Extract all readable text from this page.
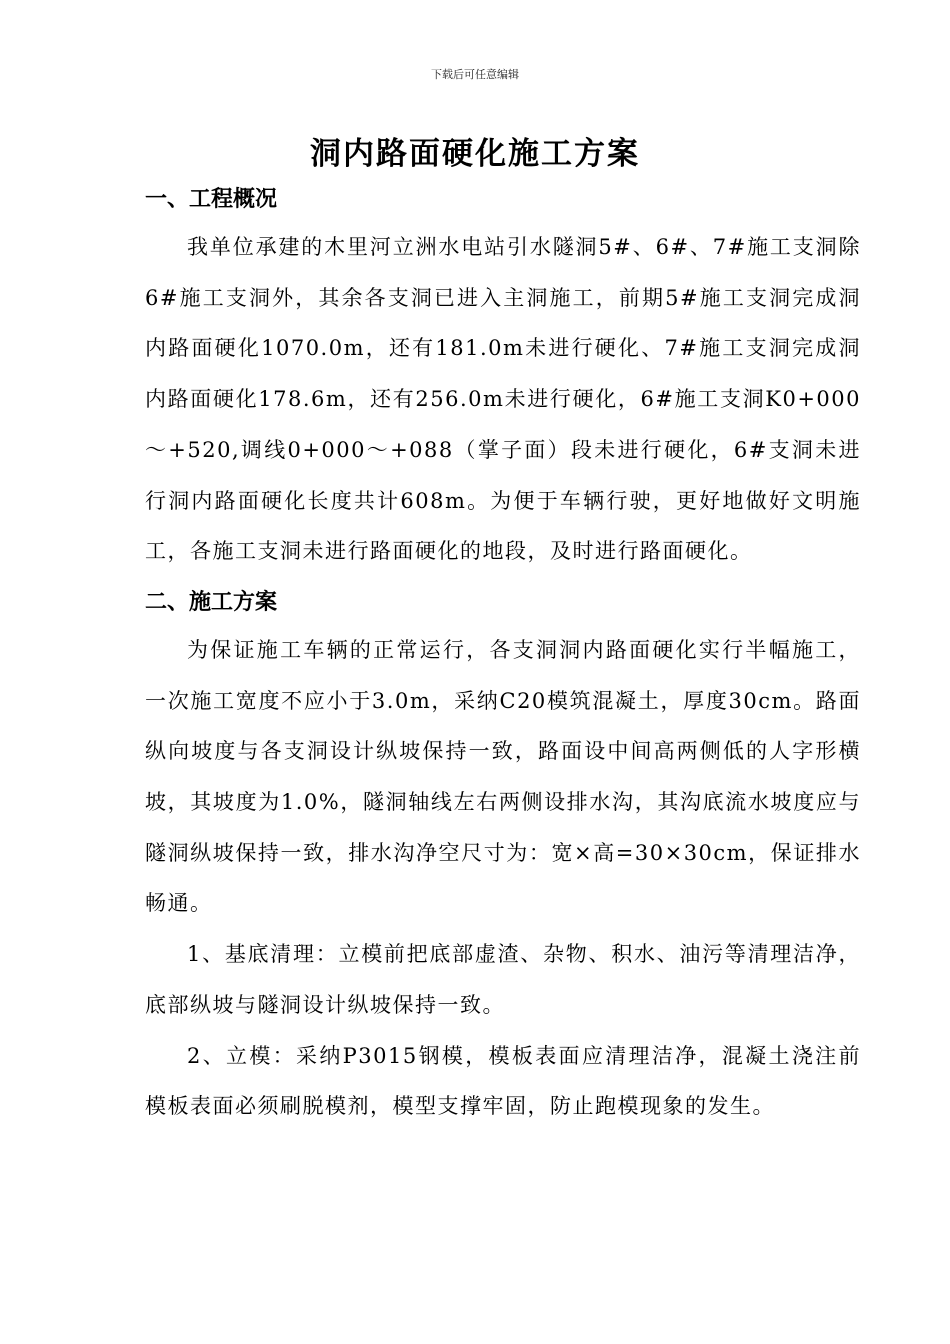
下载后可任意编辑
洞内路面硬化施工方案
一、工程概况

我单位承建的木里河立洲水电站引水隧洞5#、6#、7#施工支洞除6#施工支洞外，其余各支洞已进入主洞施工，前期5#施工支洞完成洞内路面硬化1070.0m，还有181.0m未进行硬化、7#施工支洞完成洞内路面硬化178.6m，还有256.0m未进行硬化，6#施工支洞K0+000～+520,调线0+000～+088（掌子面）段未进行硬化，6#支洞未进行洞内路面硬化长度共计608m。为便于车辆行驶，更好地做好文明施工，各施工支洞未进行路面硬化的地段，及时进行路面硬化。

二、施工方案

为保证施工车辆的正常运行，各支洞洞内路面硬化实行半幅施工，一次施工宽度不应小于3.0m，采纳C20模筑混凝土，厚度30cm。路面纵向坡度与各支洞设计纵坡保持一致，路面设中间高两侧低的人字形横坡，其坡度为1.0%，隧洞轴线左右两侧设排水沟，其沟底流水坡度应与隧洞纵坡保持一致，排水沟净空尺寸为：宽×高=30×30cm，保证排水畅通。

1、基底清理：立模前把底部虚渣、杂物、积水、油污等清理洁净，底部纵坡与隧洞设计纵坡保持一致。

2、立模：采纳P3015钢模，模板表面应清理洁净，混凝土浇注前模板表面必须刷脱模剂，模型支撑牢固，防止跑模现象的发生。
